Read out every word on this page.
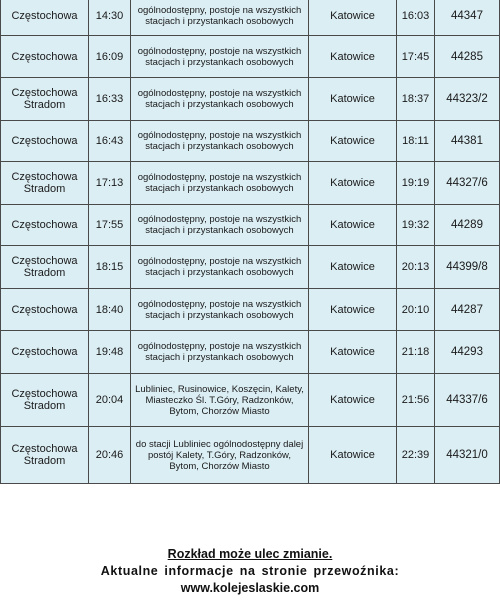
Częstochowa	14:30	ogólnodostępny, postoje na wszystkich stacjach i przystankach osobowych	Katowice	16:03	44347
Częstochowa	16:09	ogólnodostępny, postoje na wszystkich stacjach i przystankach osobowych	Katowice	17:45	44285
Częstochowa Stradom	16:33	ogólnodostępny, postoje na wszystkich stacjach i przystankach osobowych	Katowice	18:37	44323/2
Częstochowa	16:43	ogólnodostępny, postoje na wszystkich stacjach i przystankach osobowych	Katowice	18:11	44381
Częstochowa Stradom	17:13	ogólnodostępny, postoje na wszystkich stacjach i przystankach osobowych	Katowice	19:19	44327/6
Częstochowa	17:55	ogólnodostępny, postoje na wszystkich stacjach i przystankach osobowych	Katowice	19:32	44289
Częstochowa Stradom	18:15	ogólnodostępny, postoje na wszystkich stacjach i przystankach osobowych	Katowice	20:13	44399/8
Częstochowa	18:40	ogólnodostępny, postoje na wszystkich stacjach i przystankach osobowych	Katowice	20:10	44287
Częstochowa	19:48	ogólnodostępny, postoje na wszystkich stacjach i przystankach osobowych	Katowice	21:18	44293
Częstochowa Stradom	20:04	Lubliniec, Rusinowice, Koszęcin, Kalety, Miasteczko Śl. T.Góry, Radzonków, Bytom, Chorzów Miasto	Katowice	21:56	44337/6
Częstochowa Stradom	20:46	do stacji Lubliniec ogólnodostępny dalej postój Kalety, T.Góry, Radzonków, Bytom, Chorzów Miasto	Katowice	22:39	44321/0
Rozkład może ulec zmianie.
Aktualne informacje na stronie przewoźnika:
www.kolejeslaskie.com
